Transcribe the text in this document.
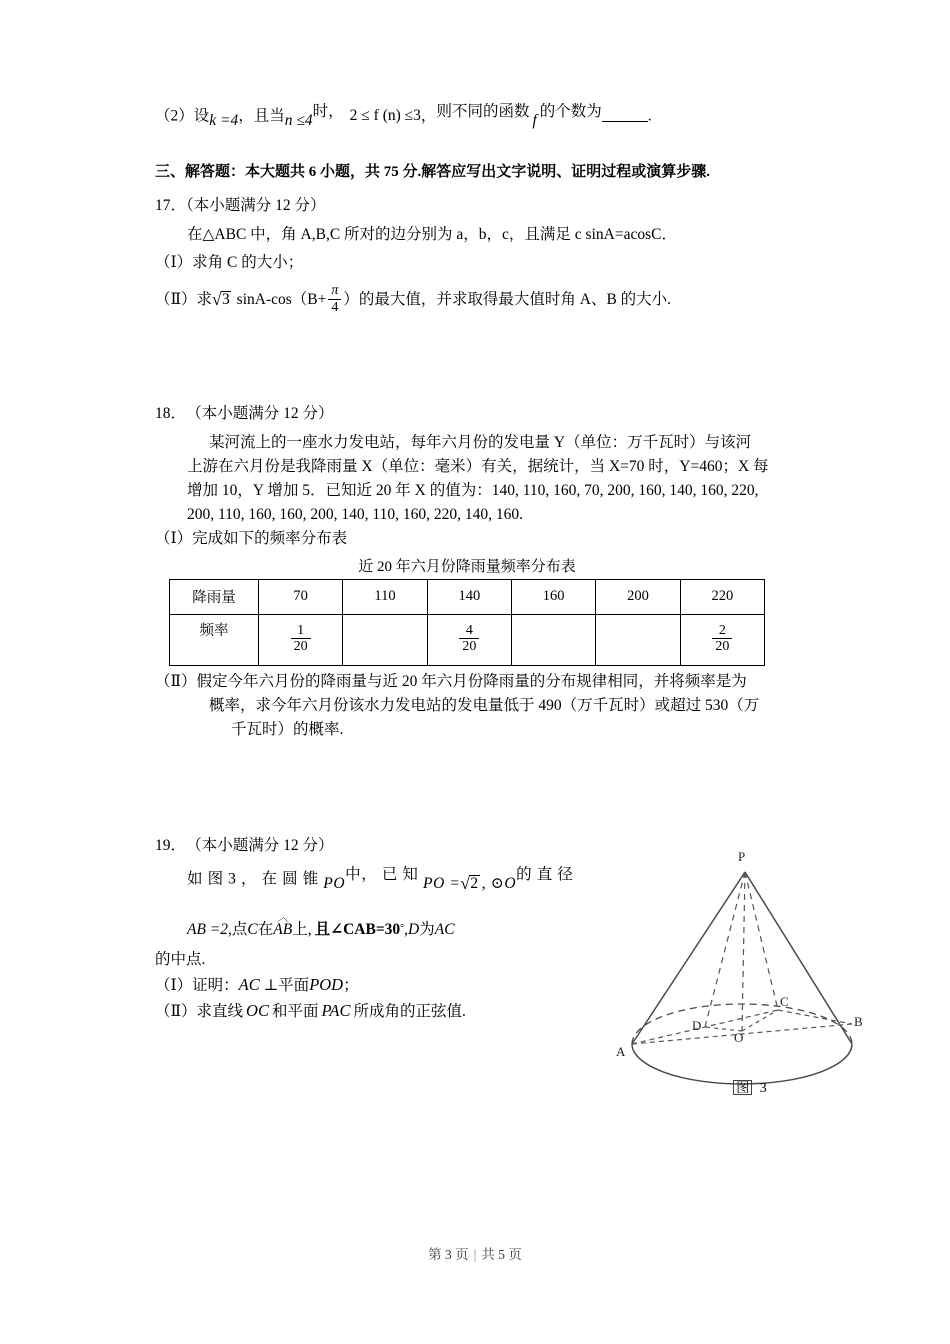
（2）设k =4，且当n ≤4时， 2 ≤ f (n) ≤3，则不同的函数f的个数为	.
三、解答题：本大题共 6 小题，共 75 分.解答应写出文字说明、证明过程或演算步骤.
17．（本小题满分 12 分）
在△ABC 中，角 A,B,C 所对的边分别为 a，b，c，且满足 c sinA=acosC．
（Ⅰ）求角 C 的大小；
（Ⅱ）求 √ 3 $\sin A-\cos(B+ \frac{\pi}{4}$ ）的最大值，并求取得最大值时角 A、B 的大小.
18． （本小题满分 12 分）
某河流上的一座水力发电站，每年六月份的发电量 Y（单位：万千瓦时）与该河
上游在六月份是我降雨量 X（单位：毫米）有关，据统计，当 X=70 时，Y=460；X 每
增加 10，Y 增加 5．已知近 20 年 X 的值为：140, 110, 160, 70, 200, 160, 140, 160, 220,
200, 110, 160, 160, 200, 140, 110, 160, 220, 140, 160.
（Ⅰ）完成如下的频率分布表
近 20 年六月份降雨量频率分布表
降雨量	70	110	140	160	200	220
频率	$\frac{1}{20}$		$\frac{4}{20}$			$\frac{2}{20}$
（Ⅱ）假定今年六月份的降雨量与近 20 年六月份降雨量的分布规律相同，并将频率是为
概率，求今年六月份该水力发电站的发电量低于 490（万千瓦时）或超过 530（万
千瓦时）的概率.
19． （本小题满分 12 分）
如 图 3 ， 在 圆 锥 PO中， 已 知 PO = √ 2 , ⊙O的 直 径
AB =2,点C在︿ AB上, 且∠CAB=30°,D为AC
的中点.
（Ⅰ）证明：AC ⊥平面POD；
（Ⅱ）求直线 OC 和平面 PAC 所成角的正弦值.
P
A
B
C
D
O
图 3
第 3 页 | 共 5 页
